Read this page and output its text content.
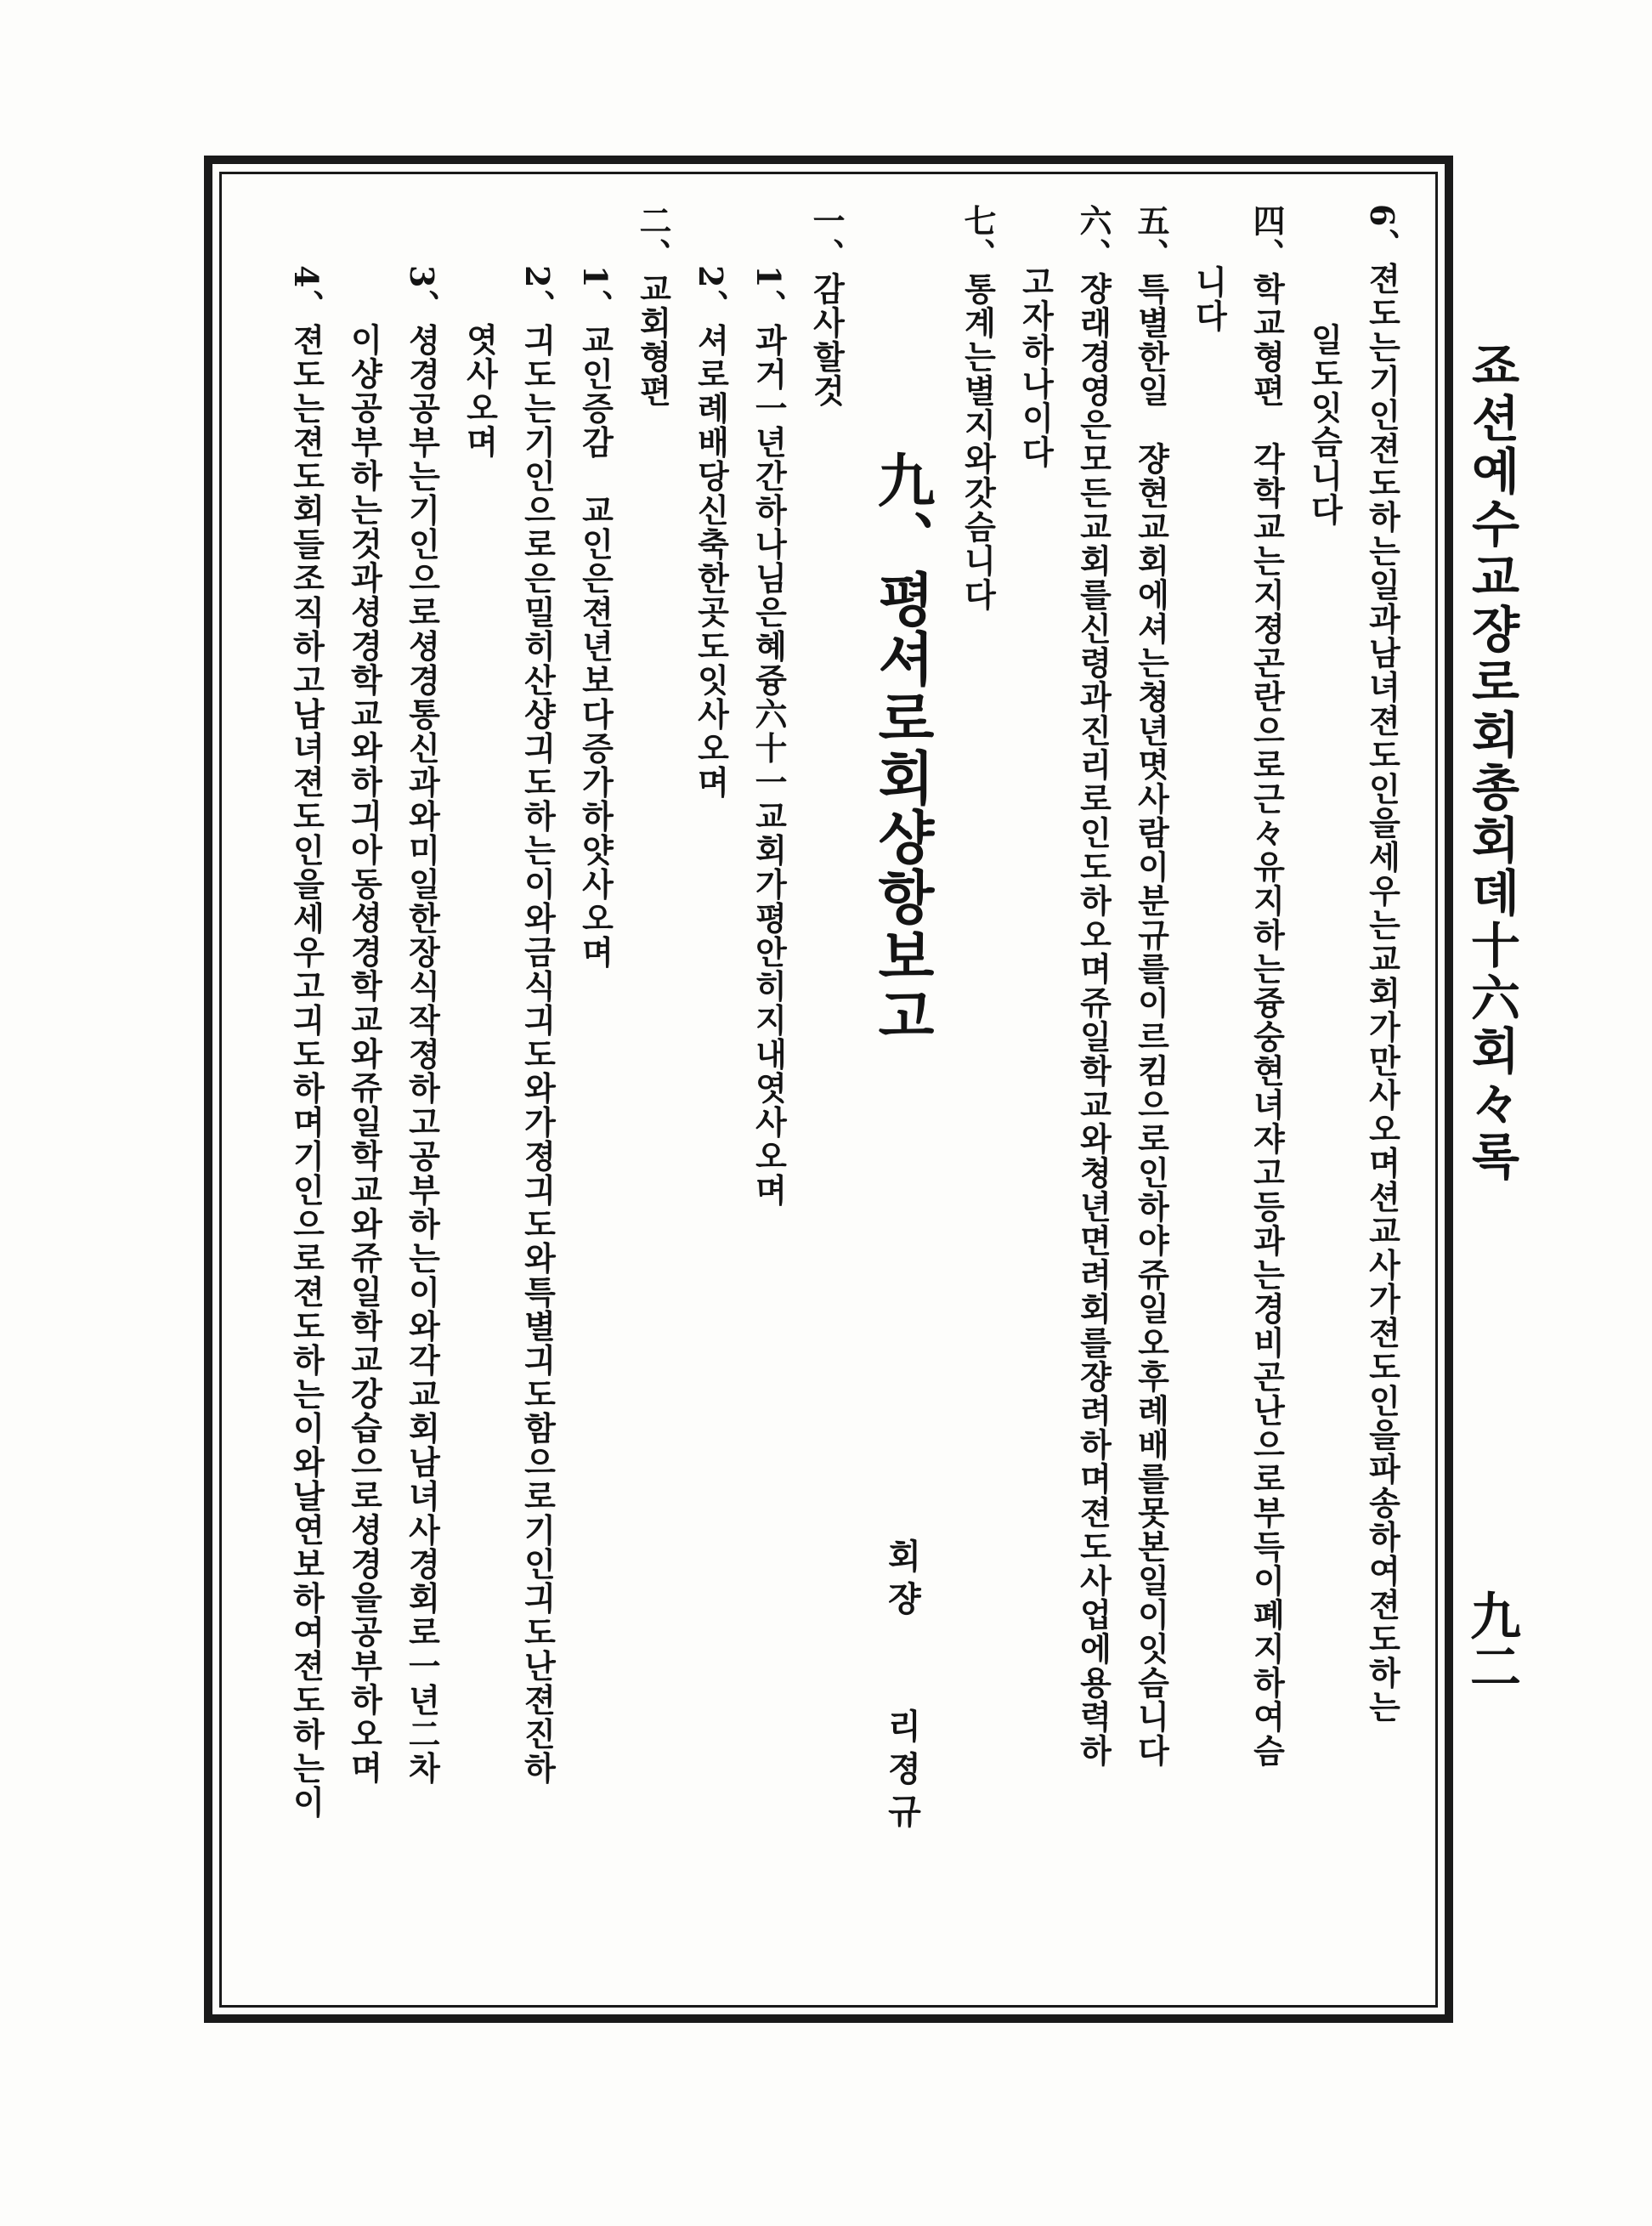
죠션예수교쟝로회총회뎨十六회々록
九二

6、젼도는기인젼도하는일과남녀젼도인을세우는교회가만사오며션교사가젼도인을파송하여젼도하는

일도잇슴니다

四、학교형편　각학교는지졍곤란으로근々유지하는즁숭현녀쟈고등과는경비곤난으로부득이폐지하여슴

니다

五、특별한일　쟝현교회에셔는쳥년몃사람이분규를이르킴으로인하야쥬일오후례배를못본일이잇슴니다

六、쟝래경영은모든교회를신령과진리로인도하오며쥬일학교와쳥년면려회를쟝려하며젼도사업에용력하

고자하나이다

七、통계는별지와갓슴니다

九、평셔로회샹항보고회쟝　　리졍규

一、감사할것

1、과거一년간하나님은혜즁六十一교회가평안히지내엿사오며

2、셔로례배당신축한곳도잇사오며

二、교회형편

1、교인증감　교인은젼년보다증가하얏사오며

2、긔도는기인으로은밀히산샹긔도하는이와금식긔도와가졍긔도와특별긔도함으로기인긔도난젼진하

엿사오며

3、셩경공부는기인으로셩경통신과와미일한장식작졍하고공부하는이와각교회남녀사경회로一년二차

이샹공부하는것과셩경학교와하긔아동셩경학교와쥬일학교와쥬일학교강습으로셩경을공부하오며

4、젼도는젼도회들조직하고남녀젼도인을세우고긔도하며기인으로젼도하는이와날연보하여젼도하는이
